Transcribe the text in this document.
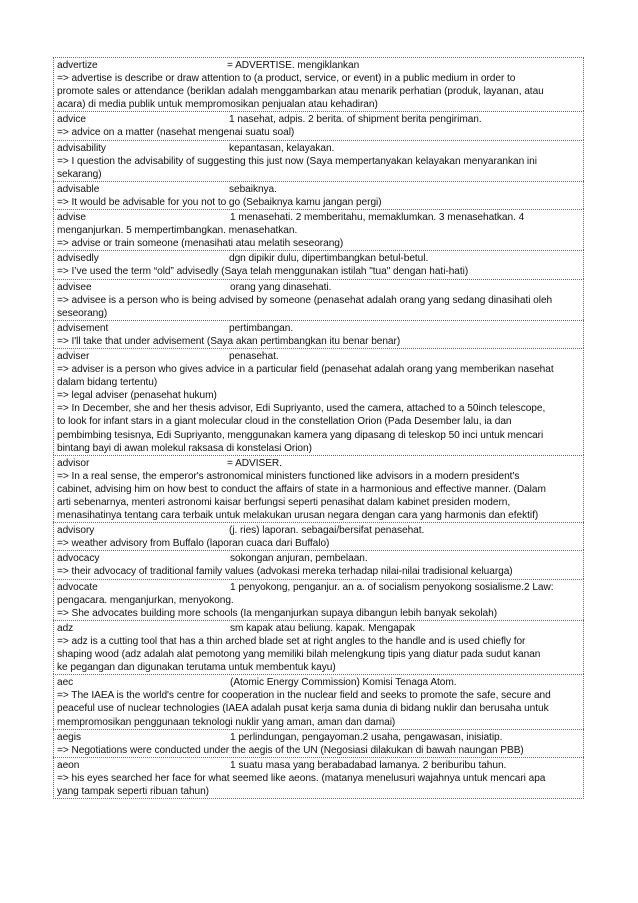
advertize	= ADVERTISE. mengiklankan
=> advertise is describe or draw attention to (a product, service, or event) in a public medium in order to
promote sales or attendance (beriklan adalah menggambarkan atau menarik perhatian (produk, layanan, atau
acara) di media publik untuk mempromosikan penjualan atau kehadiran)
advice	1 nasehat, adpis. 2 berita. of shipment berita pengiriman.
=> advice on a matter (nasehat mengenai suatu soal)
advisability	kepantasan, kelayakan.
=> I question the advisability of suggesting this just now (Saya mempertanyakan kelayakan menyarankan ini
sekarang)
advisable	sebaiknya.
=> It would be advisable for you not to go (Sebaiknya kamu jangan pergi)
advise	1 menasehati. 2 memberitahu, memaklumkan. 3 menasehatkan. 4
menganjurkan. 5 mempertimbangkan. menasehatkan.
=> advise or train someone (menasihati atau melatih seseorang)
advisedly	dgn dipikir dulu, dipertimbangkan betul-betul.
=> I’ve used the term “old” advisedly (Saya telah menggunakan istilah "tua" dengan hati-hati)
advisee	orang yang dinasehati.
=> advisee is a person who is being advised by someone (penasehat adalah orang yang sedang dinasihati oleh
seseorang)
advisement	pertimbangan.
=> I'll take that under advisement (Saya akan pertimbangkan itu benar benar)
adviser	penasehat.
=> adviser is a person who gives advice in a particular field (penasehat adalah orang yang memberikan nasehat
dalam bidang tertentu)
=> legal adviser (penasehat hukum)
=> In December, she and her thesis advisor, Edi Supriyanto, used the camera, attached to a 50inch telescope,
to look for infant stars in a giant molecular cloud in the constellation Orion (Pada Desember lalu, ia dan
pembimbing tesisnya, Edi Supriyanto, menggunakan kamera yang dipasang di teleskop 50 inci untuk mencari
bintang bayi di awan molekul raksasa di konstelasi Orion)
advisor	= ADVISER.
=> In a real sense, the emperor's astronomical ministers functioned like advisors in a modern president's
cabinet, advising him on how best to conduct the affairs of state in a harmonious and effective manner. (Dalam
arti sebenarnya, menteri astronomi kaisar berfungsi seperti penasihat dalam kabinet presiden modern,
menasihatinya tentang cara terbaik untuk melakukan urusan negara dengan cara yang harmonis dan efektif)
advisory	(j. ries) laporan. sebagai/bersifat penasehat.
=> weather advisory from Buffalo (laporan cuaca dari Buffalo)
advocacy	sokongan anjuran, pembelaan.
=> their advocacy of traditional family values (advokasi mereka terhadap nilai-nilai tradisional keluarga)
advocate	1 penyokong, penganjur. an a. of socialism penyokong sosialisme.2 Law:
pengacara. menganjurkan, menyokong.
=> She advocates building more schools (Ia menganjurkan supaya dibangun lebih banyak sekolah)
adz	sm kapak atau beliung. kapak. Mengapak
=> adz is a cutting tool that has a thin arched blade set at right angles to the handle and is used chiefly for
shaping wood (adz adalah alat pemotong yang memiliki bilah melengkung tipis yang diatur pada sudut kanan
ke pegangan dan digunakan terutama untuk membentuk kayu)
aec	(Atomic Energy Commission) Komisi Tenaga Atom.
=> The IAEA is the world's centre for cooperation in the nuclear field and seeks to promote the safe, secure and
peaceful use of nuclear technologies (IAEA adalah pusat kerja sama dunia di bidang nuklir dan berusaha untuk
mempromosikan penggunaan teknologi nuklir yang aman, aman dan damai)
aegis	1 perlindungan, pengayoman.2 usaha, pengawasan, inisiatip.
=> Negotiations were conducted under the aegis of the UN (Negosiasi dilakukan di bawah naungan PBB)
aeon	1 suatu masa yang berabadabad lamanya. 2 beriburibu tahun.
=> his eyes searched her face for what seemed like aeons. (matanya menelusuri wajahnya untuk mencari apa
yang tampak seperti ribuan tahun)
